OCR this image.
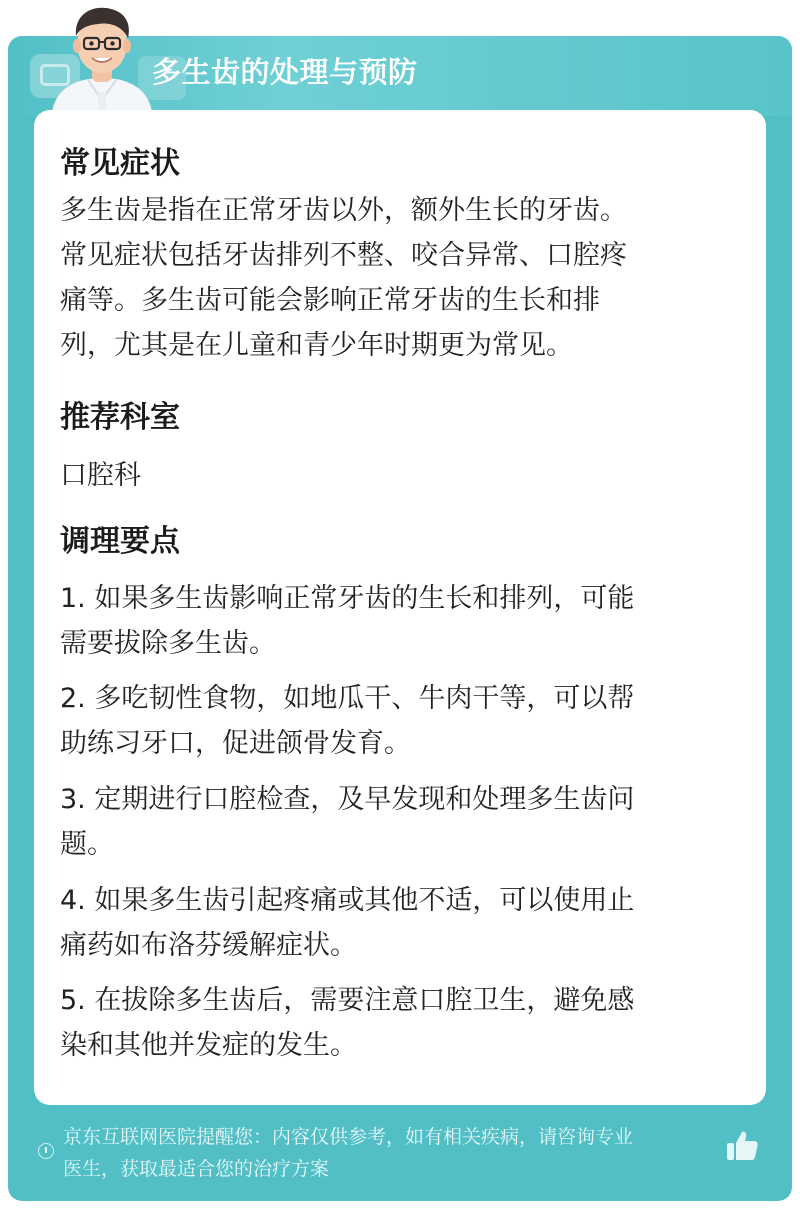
多生齿的处理与预防
常见症状
多生齿是指在正常牙齿以外，额外生长的牙齿。
常见症状包括牙齿排列不整、咬合异常、口腔疼
痛等。多生齿可能会影响正常牙齿的生长和排
列，尤其是在儿童和青少年时期更为常见。
推荐科室
口腔科
调理要点
1. 如果多生齿影响正常牙齿的生长和排列，可能
需要拔除多生齿。
2. 多吃韧性食物，如地瓜干、牛肉干等，可以帮
助练习牙口，促进颌骨发育。
3. 定期进行口腔检查，及早发现和处理多生齿问
题。
4. 如果多生齿引起疼痛或其他不适，可以使用止
痛药如布洛芬缓解症状。
5. 在拔除多生齿后，需要注意口腔卫生，避免感
染和其他并发症的发生。
京东互联网医院提醒您：内容仅供参考，如有相关疾病，请咨询专业
医生，获取最适合您的治疗方案
